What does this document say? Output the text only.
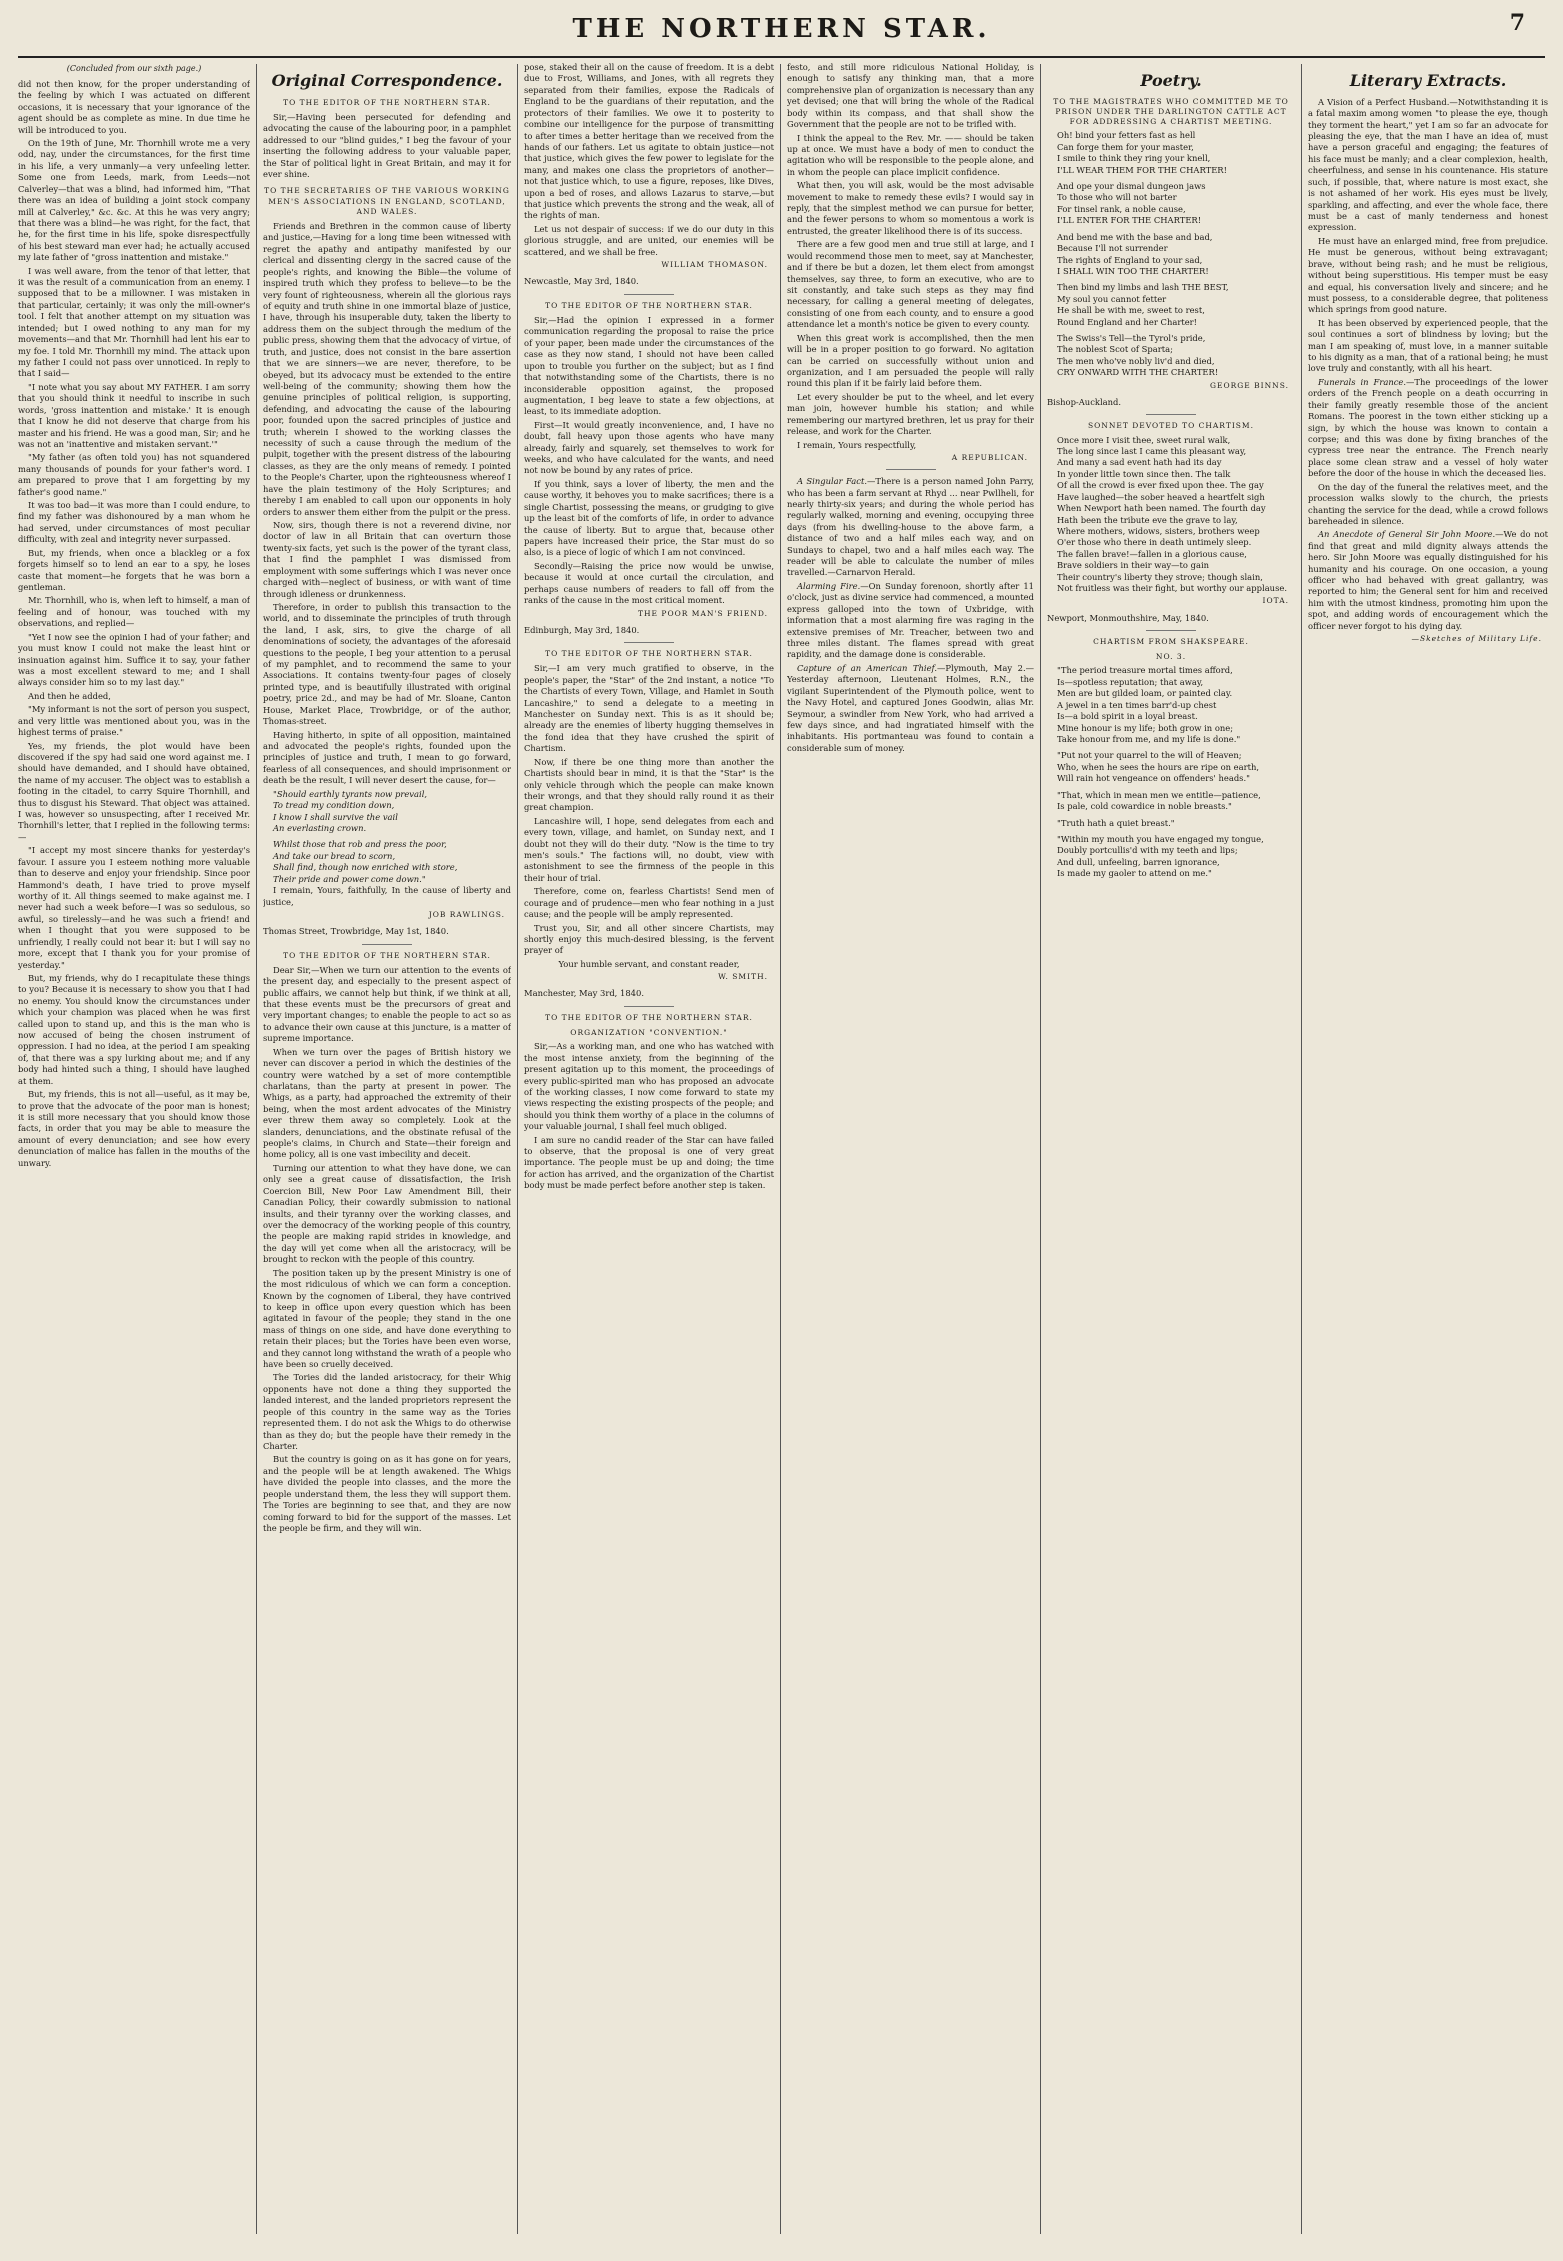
THE NORTHERN STAR.	7
(Concluded from our sixth page.)

did not then know, for the proper understanding of the feeling by which I was actuated on different occasions, it is necessary that your ignorance of the agent should be as complete as mine. In due time he will be introduced to you.

On the 19th of June, Mr. Thornhill wrote me a very odd, nay, under the circumstances, for the first time in his life, a very unmanly—a very unfeeling letter. Some one from Leeds, mark, from Leeds—not Calverley—that was a blind, had informed him, "That there was an idea of building a joint stock company mill at Calverley," &c. &c. At this he was very angry; that there was a blind—he was right, for the fact, that he, for the first time in his life, spoke disrespectfully of his best steward man ever had; he actually accused my late father of "gross inattention and mistake."

I was well aware, from the tenor of that letter, that it was the result of a communication from an enemy. I supposed that to be a millowner. I was mistaken in that particular, certainly; it was only the mill-owner's tool. I felt that another attempt on my situation was intended; but I owed nothing to any man for my movements—and that Mr. Thornhill had lent his ear to my foe. I told Mr. Thornhill my mind. The attack upon my father I could not pass over unnoticed. In reply to that I said—

"I note what you say about MY FATHER. I am sorry that you should think it needful to inscribe in such words, 'gross inattention and mistake.' It is enough that I know he did not deserve that charge from his master and his friend. He was a good man, Sir; and he was not an 'inattentive and mistaken servant.'"

"My father (as often told you) has not squandered many thousands of pounds for your father's word. I am prepared to prove that I am forgetting by my father's good name."

It was too bad—it was more than I could endure, to find my father was dishonoured by a man whom he had served, under circumstances of most peculiar difficulty, with zeal and integrity never surpassed.

But, my friends, when once a blackleg or a fox forgets himself so to lend an ear to a spy, he loses caste that moment—he forgets that he was born a gentleman.

Mr. Thornhill, who is, when left to himself, a man of feeling and of honour, was touched with my observations, and replied—

"Yet I now see the opinion I had of your father; and you must know I could not make the least hint or insinuation against him. Suffice it to say, your father was a most excellent steward to me; and I shall always consider him so to my last day."

And then he added,

"My informant is not the sort of person you suspect, and very little was mentioned about you, was in the highest terms of praise."

Yes, my friends, the plot would have been discovered if the spy had said one word against me. I should have demanded, and I should have obtained, the name of my accuser. The object was to establish a footing in the citadel, to carry Squire Thornhill, and thus to disgust his Steward. That object was attained. I was, however so unsuspecting, after I received Mr. Thornhill's letter, that I replied in the following terms:—

"I accept my most sincere thanks for yesterday's favour. I assure you I esteem nothing more valuable than to deserve and enjoy your friendship. Since poor Hammond's death, I have tried to prove myself worthy of it. All things seemed to make against me. I never had such a week before—I was so sedulous, so awful, so tirelessly—and he was such a friend! and when I thought that you were supposed to be unfriendly, I really could not bear it: but I will say no more, except that I thank you for your promise of yesterday."

But, my friends, why do I recapitulate these things to you? Because it is necessary to show you that I had no enemy. You should know the circumstances under which your champion was placed when he was first called upon to stand up, and this is the man who is now accused of being the chosen instrument of oppression. I had no idea, at the period I am speaking of, that there was a spy lurking about me; and if any body had hinted such a thing, I should have laughed at them.

But, my friends, this is not all—useful, as it may be, to prove that the advocate of the poor man is honest; it is still more necessary that you should know those facts, in order that you may be able to measure the amount of every denunciation; and see how every denunciation of malice has fallen in the mouths of the unwary.

Original Correspondence.
TO THE EDITOR OF THE NORTHERN STAR.

Sir,—Having been persecuted for defending and advocating the cause of the labouring poor, in a pamphlet addressed to our "blind guides," I beg the favour of your inserting the following address to your valuable paper, the Star of political light in Great Britain, and may it for ever shine.

TO THE SECRETARIES OF THE VARIOUS WORKING MEN'S ASSOCIATIONS IN ENGLAND, SCOTLAND, AND WALES.

Friends and Brethren in the common cause of liberty and justice,—Having for a long time been witnessed with regret the apathy and antipathy manifested by our clerical and dissenting clergy in the sacred cause of the people's rights, and knowing the Bible—the volume of inspired truth which they profess to believe—to be the very fount of righteousness, wherein all the glorious rays of equity and truth shine in one immortal blaze of justice, I have, through his insuperable duty, taken the liberty to address them on the subject through the medium of the public press, showing them that the advocacy of virtue, of truth, and justice, does not consist in the bare assertion that we are sinners—we are never, therefore, to be obeyed, but its advocacy must be extended to the entire well-being of the community; showing them how the genuine principles of political religion, is supporting, defending, and advocating the cause of the labouring poor, founded upon the sacred principles of justice and truth; wherein I showed to the working classes the necessity of such a cause through the medium of the pulpit, together with the present distress of the labouring classes, as they are the only means of remedy. I pointed to the People's Charter, upon the righteousness whereof I have the plain testimony of the Holy Scriptures; and thereby I am enabled to call upon our opponents in holy orders to answer them either from the pulpit or the press.

Now, sirs, though there is not a reverend divine, nor doctor of law in all Britain that can overturn those twenty-six facts, yet such is the power of the tyrant class, that I find the pamphlet I was dismissed from employment with some sufferings which I was never once charged with—neglect of business, or with want of time through idleness or drunkenness.

Therefore, in order to publish this transaction to the world, and to disseminate the principles of truth through the land, I ask, sirs, to give the charge of all denominations of society, the advantages of the aforesaid questions to the people, I beg your attention to a perusal of my pamphlet, and to recommend the same to your Associations. It contains twenty-four pages of closely printed type, and is beautifully illustrated with original poetry, price 2d., and may be had of Mr. Sloane, Canton House, Market Place, Trowbridge, or of the author, Thomas-street.

Having hitherto, in spite of all opposition, maintained and advocated the people's rights, founded upon the principles of justice and truth, I mean to go forward, fearless of all consequences, and should imprisonment or death be the result, I will never desert the cause, for—

"Should earthly tyrants now prevail,

To tread my condition down,

I know I shall survive the vail

An everlasting crown.

Whilst those that rob and press the poor,

And take our bread to scorn,

Shall find, though now enriched with store,

Their pride and power come down."

I remain, Yours, faithfully, In the cause of liberty and justice,

JOB RAWLINGS.

Thomas Street, Trowbridge, May 1st, 1840.

TO THE EDITOR OF THE NORTHERN STAR.

Dear Sir,—When we turn our attention to the events of the present day, and especially to the present aspect of public affairs, we cannot help but think, if we think at all, that these events must be the precursors of great and very important changes; to enable the people to act so as to advance their own cause at this juncture, is a matter of supreme importance.

When we turn over the pages of British history we never can discover a period in which the destinies of the country were watched by a set of more contemptible charlatans, than the party at present in power. The Whigs, as a party, had approached the extremity of their being, when the most ardent advocates of the Ministry ever threw them away so completely. Look at the slanders, denunciations, and the obstinate refusal of the people's claims, in Church and State—their foreign and home policy, all is one vast imbecility and deceit.

Turning our attention to what they have done, we can only see a great cause of dissatisfaction, the Irish Coercion Bill, New Poor Law Amendment Bill, their Canadian Policy, their cowardly submission to national insults, and their tyranny over the working classes, and over the democracy of the working people of this country, the people are making rapid strides in knowledge, and the day will yet come when all the aristocracy, will be brought to reckon with the people of this country.

The position taken up by the present Ministry is one of the most ridiculous of which we can form a conception. Known by the cognomen of Liberal, they have contrived to keep in office upon every question which has been agitated in favour of the people; they stand in the one mass of things on one side, and have done everything to retain their places; but the Tories have been even worse, and they cannot long withstand the wrath of a people who have been so cruelly deceived.

The Tories did the landed aristocracy, for their Whig opponents have not done a thing they supported the landed interest, and the landed proprietors represent the people of this country in the same way as the Tories represented them. I do not ask the Whigs to do otherwise than as they do; but the people have their remedy in the Charter.

But the country is going on as it has gone on for years, and the people will be at length awakened. The Whigs have divided the people into classes, and the more the people understand them, the less they will support them. The Tories are beginning to see that, and they are now coming forward to bid for the support of the masses. Let the people be firm, and they will win.

pose, staked their all on the cause of freedom. It is a debt due to Frost, Williams, and Jones, with all regrets they separated from their families, expose the Radicals of England to be the guardians of their reputation, and the protectors of their families. We owe it to posterity to combine our intelligence for the purpose of transmitting to after times a better heritage than we received from the hands of our fathers. Let us agitate to obtain justice—not that justice, which gives the few power to legislate for the many, and makes one class the proprietors of another—not that justice which, to use a figure, reposes, like Dives, upon a bed of roses, and allows Lazarus to starve,—but that justice which prevents the strong and the weak, all of the rights of man.

Let us not despair of success: if we do our duty in this glorious struggle, and are united, our enemies will be scattered, and we shall be free.

WILLIAM THOMASON.

Newcastle, May 3rd, 1840.

TO THE EDITOR OF THE NORTHERN STAR.

Sir,—Had the opinion I expressed in a former communication regarding the proposal to raise the price of your paper, been made under the circumstances of the case as they now stand, I should not have been called upon to trouble you further on the subject; but as I find that notwithstanding some of the Chartists, there is no inconsiderable opposition against, the proposed augmentation, I beg leave to state a few objections, at least, to its immediate adoption.

First—It would greatly inconvenience, and, I have no doubt, fall heavy upon those agents who have many already, fairly and squarely, set themselves to work for weeks, and who have calculated for the wants, and need not now be bound by any rates of price.

If you think, says a lover of liberty, the men and the cause worthy, it behoves you to make sacrifices; there is a single Chartist, possessing the means, or grudging to give up the least bit of the comforts of life, in order to advance the cause of liberty. But to argue that, because other papers have increased their price, the Star must do so also, is a piece of logic of which I am not convinced.

Secondly—Raising the price now would be unwise, because it would at once curtail the circulation, and perhaps cause numbers of readers to fall off from the ranks of the cause in the most critical moment.

THE POOR MAN'S FRIEND.

Edinburgh, May 3rd, 1840.

TO THE EDITOR OF THE NORTHERN STAR.

Sir,—I am very much gratified to observe, in the people's paper, the "Star" of the 2nd instant, a notice "To the Chartists of every Town, Village, and Hamlet in South Lancashire," to send a delegate to a meeting in Manchester on Sunday next. This is as it should be; already are the enemies of liberty hugging themselves in the fond idea that they have crushed the spirit of Chartism.

Now, if there be one thing more than another the Chartists should bear in mind, it is that the "Star" is the only vehicle through which the people can make known their wrongs, and that they should rally round it as their great champion.

Lancashire will, I hope, send delegates from each and every town, village, and hamlet, on Sunday next, and I doubt not they will do their duty. "Now is the time to try men's souls." The factions will, no doubt, view with astonishment to see the firmness of the people in this their hour of trial.

Therefore, come on, fearless Chartists! Send men of courage and of prudence—men who fear nothing in a just cause; and the people will be amply represented.

Trust you, Sir, and all other sincere Chartists, may shortly enjoy this much-desired blessing, is the fervent prayer of

Your humble servant, and constant reader,

W. SMITH.

Manchester, May 3rd, 1840.

TO THE EDITOR OF THE NORTHERN STAR.
ORGANIZATION "CONVENTION."

Sir,—As a working man, and one who has watched with the most intense anxiety, from the beginning of the present agitation up to this moment, the proceedings of every public-spirited man who has proposed an advocate of the working classes, I now come forward to state my views respecting the existing prospects of the people; and should you think them worthy of a place in the columns of your valuable journal, I shall feel much obliged.

I am sure no candid reader of the Star can have failed to observe, that the proposal is one of very great importance. The people must be up and doing; the time for action has arrived, and the organization of the Chartist body must be made perfect before another step is taken.

festo, and still more ridiculous National Holiday, is enough to satisfy any thinking man, that a more comprehensive plan of organization is necessary than any yet devised; one that will bring the whole of the Radical body within its compass, and that shall show the Government that the people are not to be trifled with.

I think the appeal to the Rev. Mr. —— should be taken up at once. We must have a body of men to conduct the agitation who will be responsible to the people alone, and in whom the people can place implicit confidence.

What then, you will ask, would be the most advisable movement to make to remedy these evils? I would say in reply, that the simplest method we can pursue for better, and the fewer persons to whom so momentous a work is entrusted, the greater likelihood there is of its success.

There are a few good men and true still at large, and I would recommend those men to meet, say at Manchester, and if there be but a dozen, let them elect from amongst themselves, say three, to form an executive, who are to sit constantly, and take such steps as they may find necessary, for calling a general meeting of delegates, consisting of one from each county, and to ensure a good attendance let a month's notice be given to every county.

When this great work is accomplished, then the men will be in a proper position to go forward. No agitation can be carried on successfully without union and organization, and I am persuaded the people will rally round this plan if it be fairly laid before them.

Let every shoulder be put to the wheel, and let every man join, however humble his station; and while remembering our martyred brethren, let us pray for their release, and work for the Charter.

I remain, Yours respectfully,

A REPUBLICAN.

A Singular Fact.—There is a person named John Parry, who has been a farm servant at Rhyd ... near Pwllheli, for nearly thirty-six years; and during the whole period has regularly walked, morning and evening, occupying three days (from his dwelling-house to the above farm, a distance of two and a half miles each way, and on Sundays to chapel, two and a half miles each way. The reader will be able to calculate the number of miles travelled.—Carnarvon Herald.

Alarming Fire.—On Sunday forenoon, shortly after 11 o'clock, just as divine service had commenced, a mounted express galloped into the town of Uxbridge, with information that a most alarming fire was raging in the extensive premises of Mr. Treacher, between two and three miles distant. The flames spread with great rapidity, and the damage done is considerable.

Capture of an American Thief.—Plymouth, May 2.—Yesterday afternoon, Lieutenant Holmes, R.N., the vigilant Superintendent of the Plymouth police, went to the Navy Hotel, and captured Jones Goodwin, alias Mr. Seymour, a swindler from New York, who had arrived a few days since, and had ingratiated himself with the inhabitants. His portmanteau was found to contain a considerable sum of money.

Poetry.
TO THE MAGISTRATES WHO COMMITTED ME TO PRISON UNDER THE DARLINGTON CATTLE ACT FOR ADDRESSING A CHARTIST MEETING.

Oh! bind your fetters fast as hell

Can forge them for your master,

I smile to think they ring your knell,

I'LL WEAR THEM FOR THE CHARTER!

And ope your dismal dungeon jaws

To those who will not barter

For tinsel rank, a noble cause,

I'LL ENTER FOR THE CHARTER!

And bend me with the base and bad,

Because I'll not surrender

The rights of England to your sad,

I SHALL WIN TOO THE CHARTER!

Then bind my limbs and lash THE BEST,

My soul you cannot fetter

He shall be with me, sweet to rest,

Round England and her Charter!

The Swiss's Tell—the Tyrol's pride,

The noblest Scot of Sparta;

The men who've nobly liv'd and died,

CRY ONWARD WITH THE CHARTER!

GEORGE BINNS.

Bishop-Auckland.

SONNET DEVOTED TO CHARTISM.

Once more I visit thee, sweet rural walk,

The long since last I came this pleasant way,

And many a sad event hath had its day

In yonder little town since then. The talk

Of all the crowd is ever fixed upon thee. The gay

Have laughed—the sober heaved a heartfelt sigh

When Newport hath been named. The fourth day

Hath been the tribute eve the grave to lay,

Where mothers, widows, sisters, brothers weep

O'er those who there in death untimely sleep.

The fallen brave!—fallen in a glorious cause,

Brave soldiers in their way—to gain

Their country's liberty they strove; though slain,

Not fruitless was their fight, but worthy our applause.

IOTA.

Newport, Monmouthshire, May, 1840.

CHARTISM FROM SHAKSPEARE.
NO. 3.

"The period treasure mortal times afford,

Is—spotless reputation; that away,

Men are but gilded loam, or painted clay.

A jewel in a ten times barr'd-up chest

Is—a bold spirit in a loyal breast.

Mine honour is my life; both grow in one;

Take honour from me, and my life is done."

"Put not your quarrel to the will of Heaven;

Who, when he sees the hours are ripe on earth,

Will rain hot vengeance on offenders' heads."

"That, which in mean men we entitle—patience,

Is pale, cold cowardice in noble breasts."

"Truth hath a quiet breast."

"Within my mouth you have engaged my tongue,

Doubly portcullis'd with my teeth and lips;

And dull, unfeeling, barren ignorance,

Is made my gaoler to attend on me."

Literary Extracts.

A Vision of a Perfect Husband.—Notwithstanding it is a fatal maxim among women "to please the eye, though they torment the heart," yet I am so far an advocate for pleasing the eye, that the man I have an idea of, must have a person graceful and engaging; the features of his face must be manly; and a clear complexion, health, cheerfulness, and sense in his countenance. His stature such, if possible, that, where nature is most exact, she is not ashamed of her work. His eyes must be lively, sparkling, and affecting, and ever the whole face, there must be a cast of manly tenderness and honest expression.

He must have an enlarged mind, free from prejudice. He must be generous, without being extravagant; brave, without being rash; and he must be religious, without being superstitious. His temper must be easy and equal, his conversation lively and sincere; and he must possess, to a considerable degree, that politeness which springs from good nature.

It has been observed by experienced people, that the soul continues a sort of blindness by loving; but the man I am speaking of, must love, in a manner suitable to his dignity as a man, that of a rational being; he must love truly and constantly, with all his heart.

Funerals in France.—The proceedings of the lower orders of the French people on a death occurring in their family greatly resemble those of the ancient Romans. The poorest in the town either sticking up a sign, by which the house was known to contain a corpse; and this was done by fixing branches of the cypress tree near the entrance. The French nearly place some clean straw and a vessel of holy water before the door of the house in which the deceased lies.

On the day of the funeral the relatives meet, and the procession walks slowly to the church, the priests chanting the service for the dead, while a crowd follows bareheaded in silence.

An Anecdote of General Sir John Moore.—We do not find that great and mild dignity always attends the hero. Sir John Moore was equally distinguished for his humanity and his courage. On one occasion, a young officer who had behaved with great gallantry, was reported to him; the General sent for him and received him with the utmost kindness, promoting him upon the spot, and adding words of encouragement which the officer never forgot to his dying day.

—Sketches of Military Life.
